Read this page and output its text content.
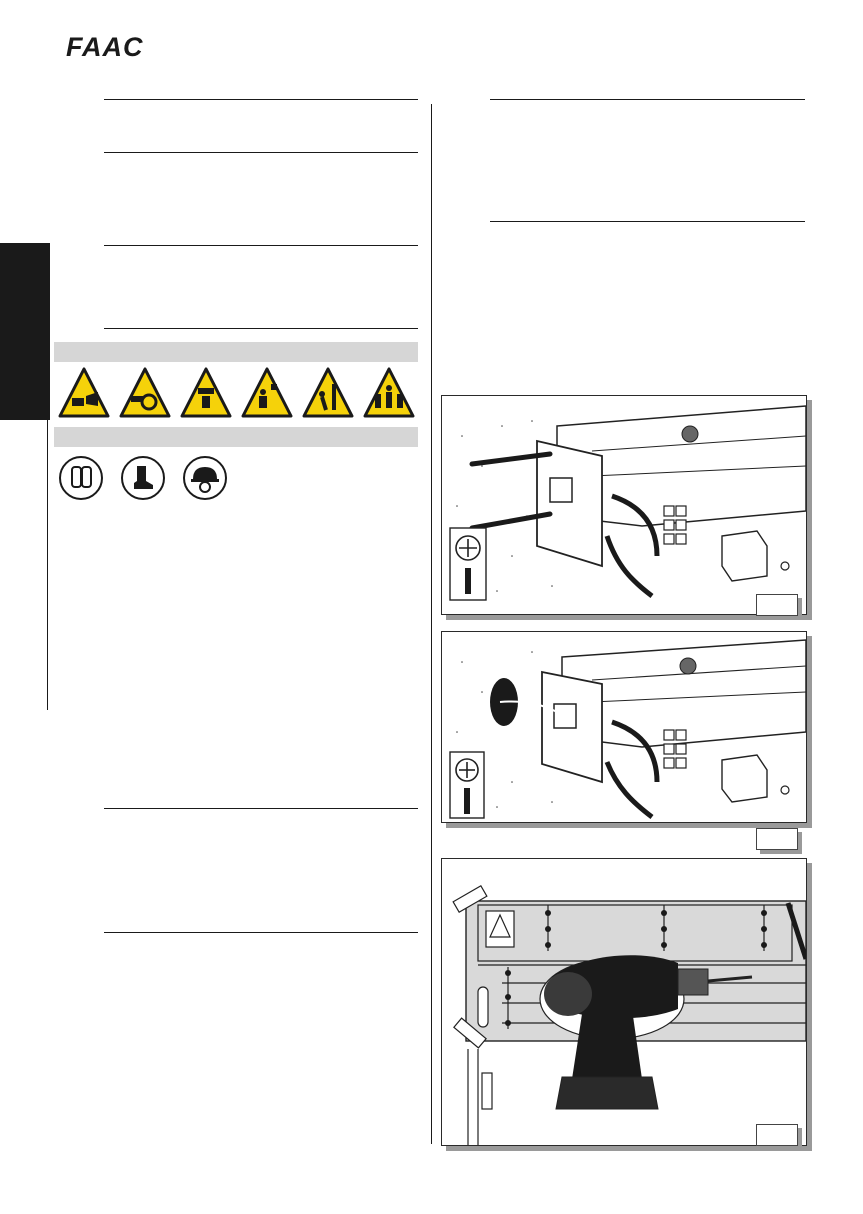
FAAC
